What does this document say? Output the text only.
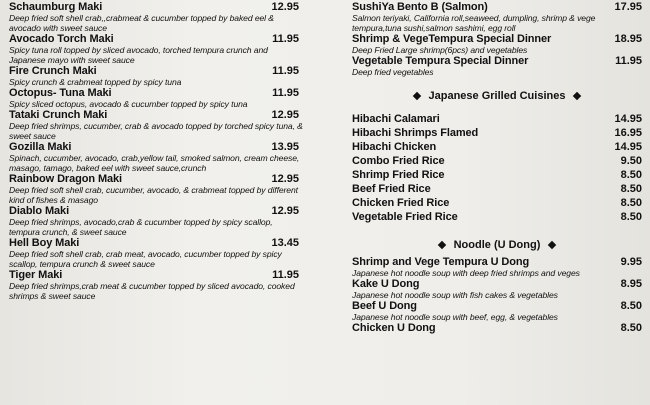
Schaumburg Maki	12.95
Deep fried soft shell crab,,crabmeat & cucumber topped by baked eel & avocado with sweet sauce
Avocado Torch Maki	11.95
Spicy tuna roll topped by sliced avocado, torched tempura crunch and Japanese mayo with sweet sauce
Fire Crunch Maki	11.95
Spicy crunch & crabmeat topped by spicy tuna
Octopus- Tuna Maki	11.95
Spicy sliced octopus, avocado & cucumber topped by spicy tuna
Tataki Crunch Maki	12.95
Deep fried shrimps, cucumber, crab & avocado topped by torched spicy tuna, & sweet sauce
Gozilla Maki	13.95
Spinach, cucumber, avocado, crab,yellow tail, smoked salmon, cream cheese, masago, tamago, baked eel with sweet sauce,crunch
Rainbow Dragon Maki	12.95
Deep fried soft shell crab, cucumber, avocado, & crabmeat topped by different kind of fishes & masago
Diablo Maki	12.95
Deep fried shrimps, avocado,crab & cucumber topped by spicy scallop, tempura crunch, & sweet sauce
Hell Boy Maki	13.45
Deep fried soft shell crab, crab meat, avocado, cucumber topped by spicy scallop, tempura crunch & sweet sauce
Tiger Maki	11.95
Deep fried shrimps,crab meat & cucumber topped by sliced avocado, cooked shrimps & sweet sauce
SushiYa Bento B (Salmon)	17.95
Salmon teriyaki, California roll,seaweed, dumpling, shrimp & vege tempura,tuna sushi,salmon sashimi, egg roll
Shrimp & VegeTempura Special Dinner	18.95
Deep Fried Large shrimp(6pcs) and vegetables
Vegetable Tempura Special Dinner	11.95
Deep fried vegetables
Japanese Grilled Cuisines
Hibachi Calamari	14.95
Hibachi Shrimps Flamed	16.95
Hibachi Chicken	14.95
Combo Fried Rice	9.50
Shrimp Fried Rice	8.50
Beef Fried Rice	8.50
Chicken Fried Rice	8.50
Vegetable Fried Rice	8.50
Noodle (U Dong)
Shrimp and Vege Tempura U Dong	9.95
Japanese hot noodle soup with deep fried shrimps and veges
Kake U Dong	8.95
Japanese hot noodle soup with fish cakes & vegetables
Beef U Dong	8.50
Japanese hot noodle soup with beef, egg, & vegetables
Chicken U Dong	8.50
